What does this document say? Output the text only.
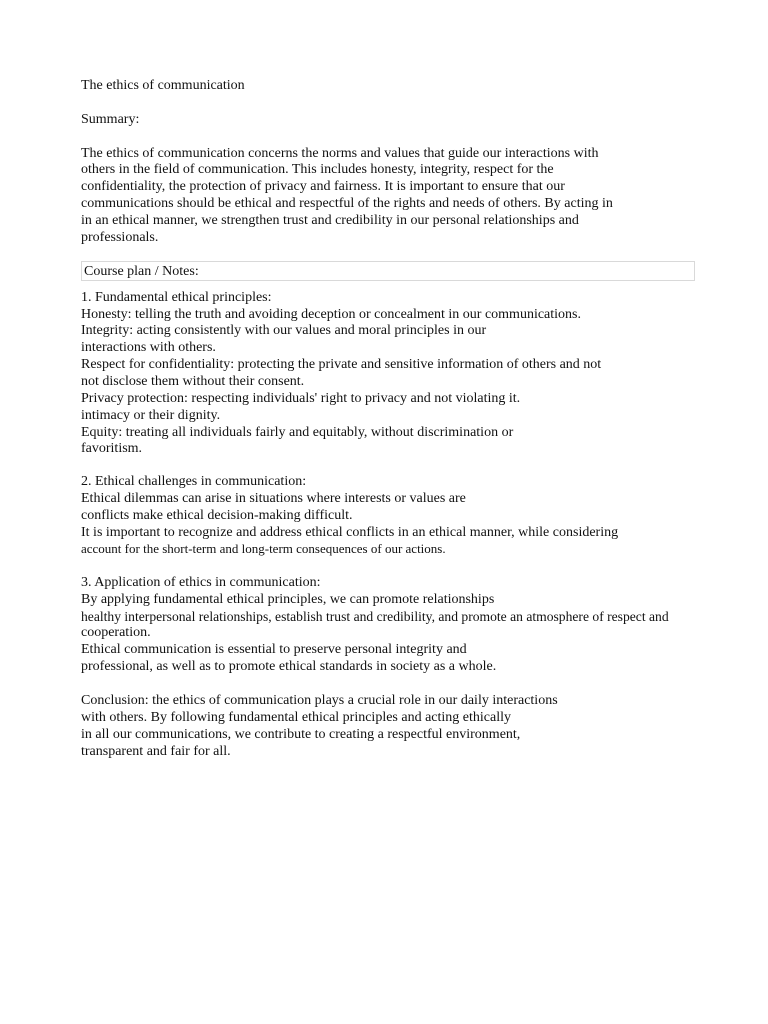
The ethics of communication
Summary:
The ethics of communication concerns the norms and values that guide our interactions with
others in the field of communication. This includes honesty, integrity, respect for the
confidentiality, the protection of privacy and fairness. It is important to ensure that our
communications should be ethical and respectful of the rights and needs of others. By acting in
in an ethical manner, we strengthen trust and credibility in our personal relationships and
professionals.
Course plan / Notes:
1. Fundamental ethical principles:
Honesty: telling the truth and avoiding deception or concealment in our communications.
Integrity: acting consistently with our values and moral principles in our
interactions with others.
Respect for confidentiality: protecting the private and sensitive information of others and not
not disclose them without their consent.
Privacy protection: respecting individuals' right to privacy and not violating it.
intimacy or their dignity.
Equity: treating all individuals fairly and equitably, without discrimination or
favoritism.
2. Ethical challenges in communication:
Ethical dilemmas can arise in situations where interests or values are
conflicts make ethical decision-making difficult.
It is important to recognize and address ethical conflicts in an ethical manner, while considering
account for the short-term and long-term consequences of our actions.
3. Application of ethics in communication:
By applying fundamental ethical principles, we can promote relationships
healthy interpersonal relationships, establish trust and credibility, and promote an atmosphere of respect and
cooperation.
Ethical communication is essential to preserve personal integrity and
professional, as well as to promote ethical standards in society as a whole.
Conclusion: the ethics of communication plays a crucial role in our daily interactions
with others. By following fundamental ethical principles and acting ethically
in all our communications, we contribute to creating a respectful environment,
transparent and fair for all.
